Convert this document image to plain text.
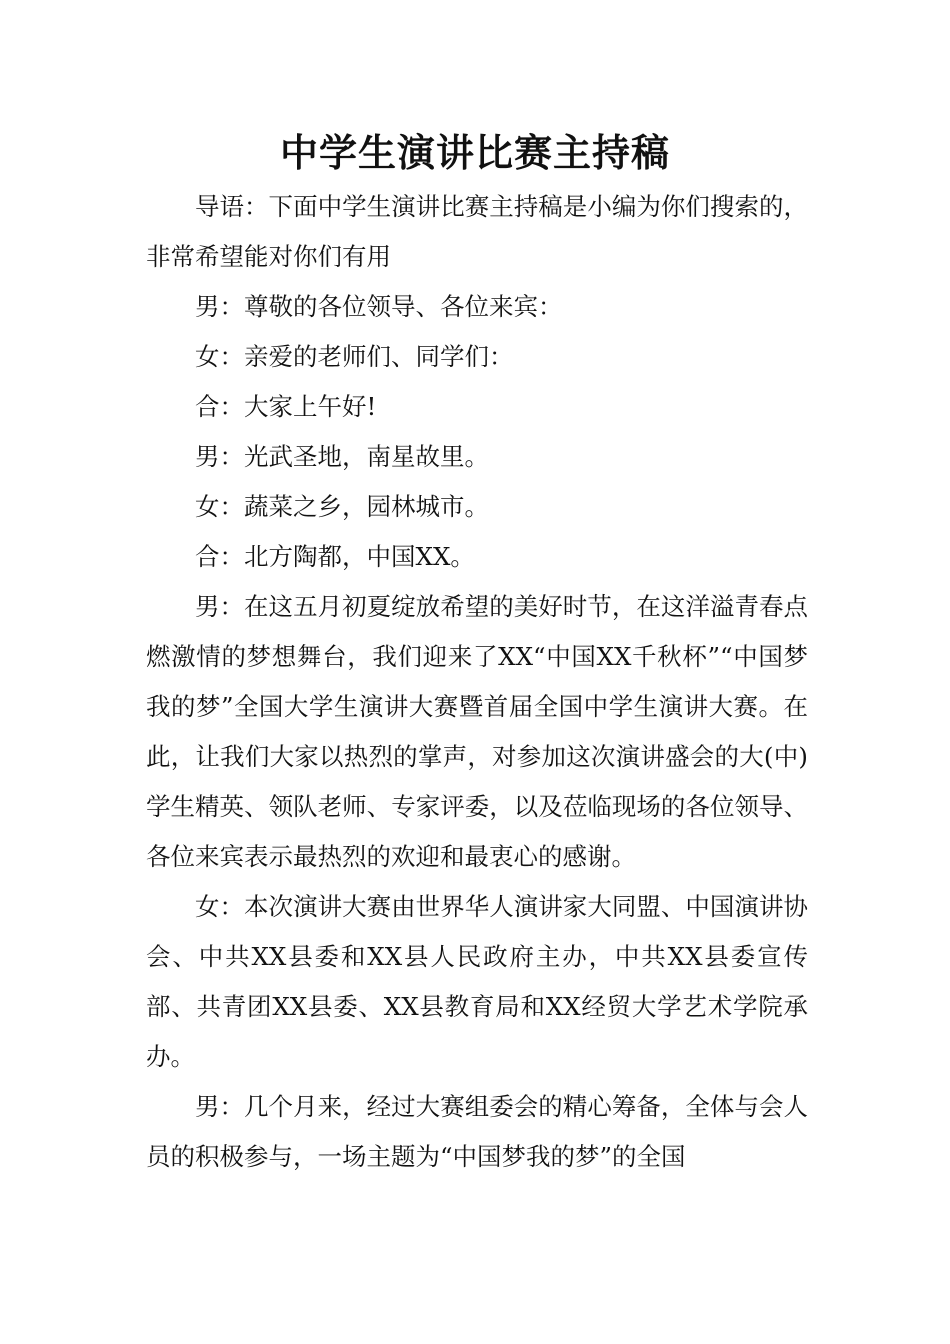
中学生演讲比赛主持稿

导语：下面中学生演讲比赛主持稿是小编为你们搜索的，非常希望能对你们有用

男：尊敬的各位领导、各位来宾：

女：亲爱的老师们、同学们：

合：大家上午好!

男：光武圣地，南星故里。

女：蔬菜之乡，园林城市。

合：北方陶都，中国XX。

男：在这五月初夏绽放希望的美好时节，在这洋溢青春点燃激情的梦想舞台，我们迎来了XX“中国XX千秋杯”“中国梦我的梦”全国大学生演讲大赛暨首届全国中学生演讲大赛。在此，让我们大家以热烈的掌声，对参加这次演讲盛会的大(中)学生精英、领队老师、专家评委，以及莅临现场的各位领导、各位来宾表示最热烈的欢迎和最衷心的感谢。

女：本次演讲大赛由世界华人演讲家大同盟、中国演讲协会、中共XX县委和XX县人民政府主办，中共XX县委宣传部、共青团XX县委、XX县教育局和XX经贸大学艺术学院承办。

男：几个月来，经过大赛组委会的精心筹备，全体与会人员的积极参与，一场主题为“中国梦我的梦”的全国
